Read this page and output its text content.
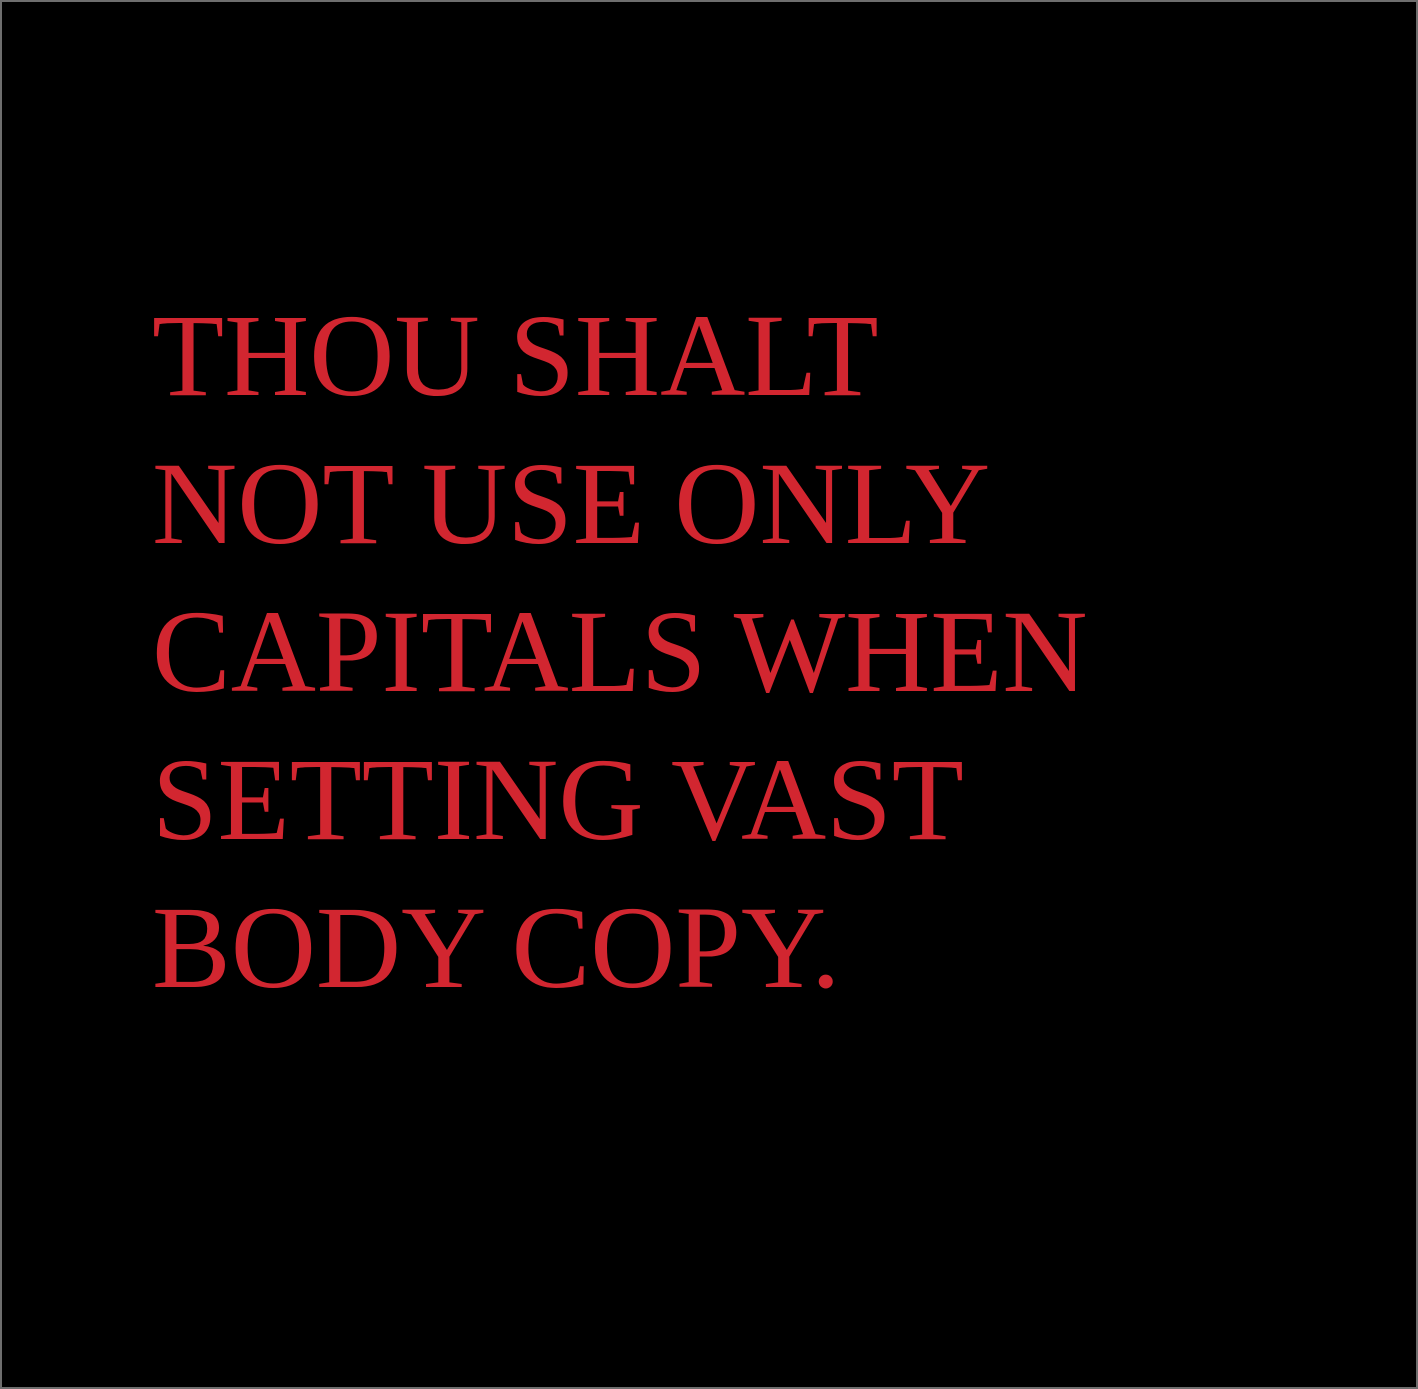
THOU SHALT
NOT USE ONLY
CAPITALS WHEN
SETTING VAST
BODY COPY.
